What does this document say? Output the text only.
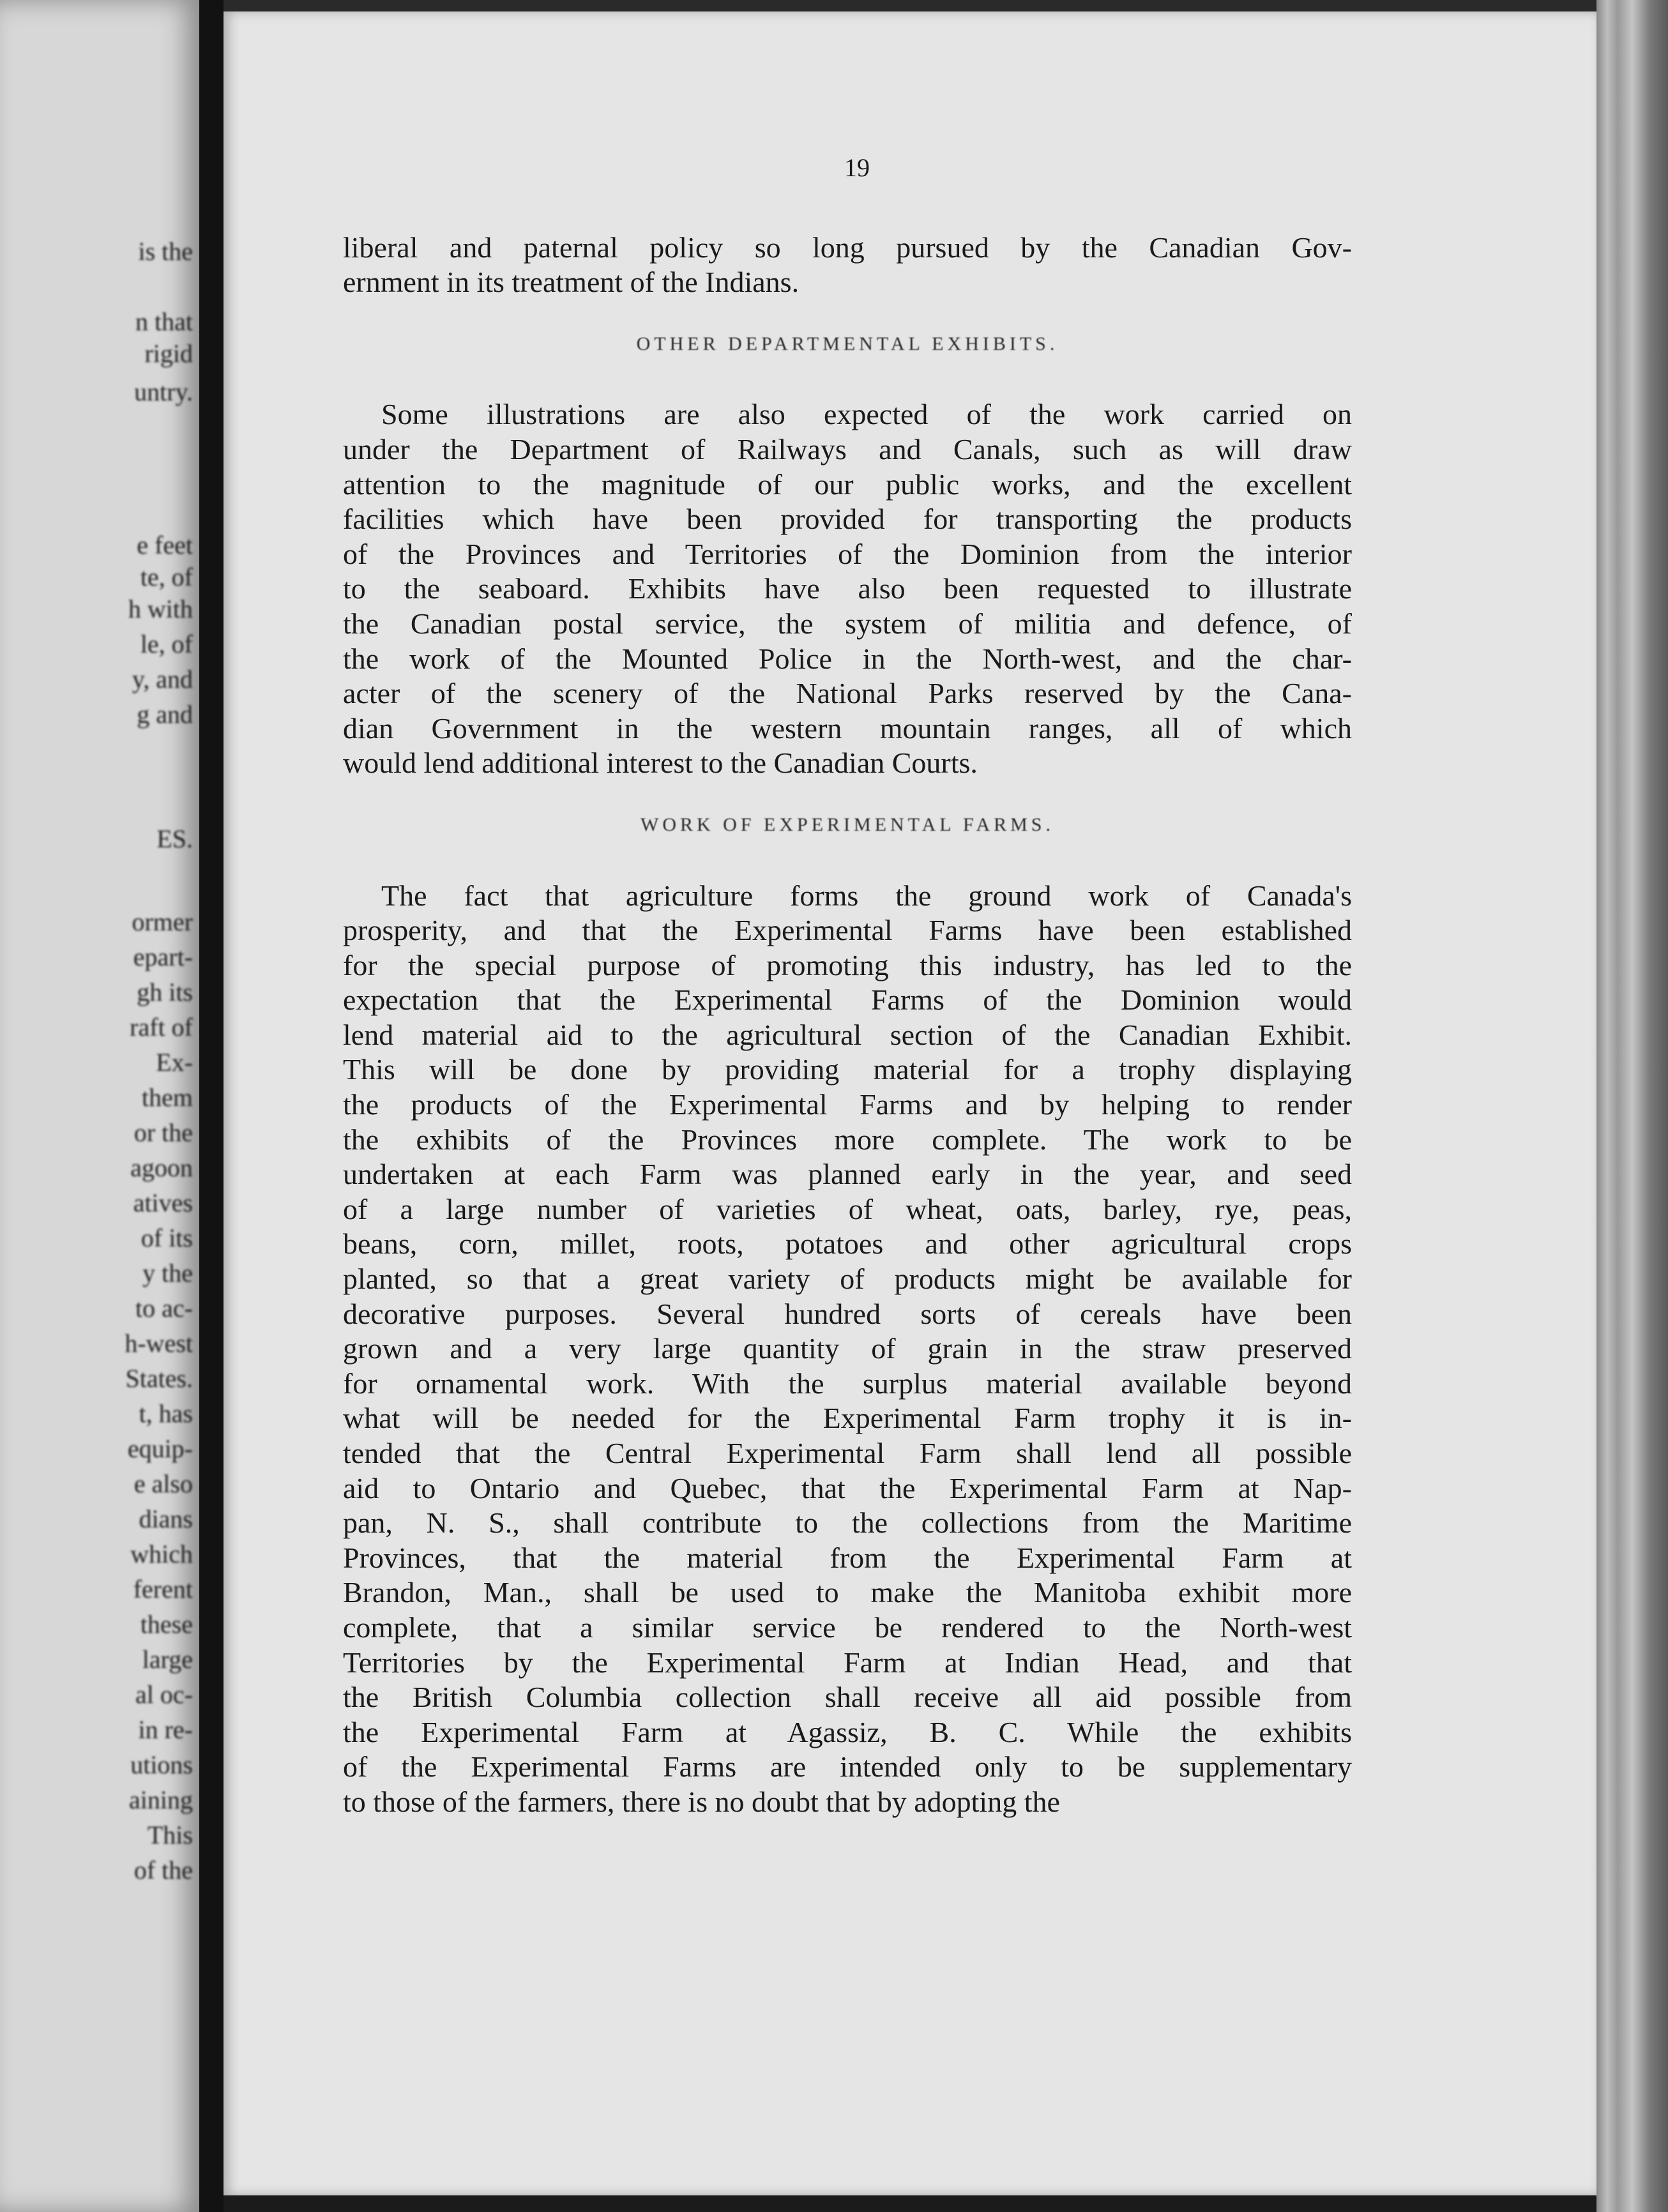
is the
n that
rigid
untry.
e feet
te, of
h with
le, of
y, and
g and
ES.
ormer
epart-
gh its
raft of
Ex-
them
or the
agoon
atives
of its
y the
to ac-
h-west
States.
t, has
equip-
e also
dians
which
ferent
these
large
al oc-
in re-
utions
aining
This
of the
19
liberal and paternal policy so long pursued by the Canadian Gov-
ernment in its treatment of the Indians.
OTHER DEPARTMENTAL EXHIBITS.
Some illustrations are also expected of the work carried on
under the Department of Railways and Canals, such as will draw
attention to the magnitude of our public works, and the excellent
facilities which have been provided for transporting the products
of the Provinces and Territories of the Dominion from the interior
to the seaboard. Exhibits have also been requested to illustrate
the Canadian postal service, the system of militia and defence, of
the work of the Mounted Police in the North-west, and the char-
acter of the scenery of the National Parks reserved by the Cana-
dian Government in the western mountain ranges, all of which
would lend additional interest to the Canadian Courts.
WORK OF EXPERIMENTAL FARMS.
The fact that agriculture forms the ground work of Canada's
prosperity, and that the Experimental Farms have been established
for the special purpose of promoting this industry, has led to the
expectation that the Experimental Farms of the Dominion would
lend material aid to the agricultural section of the Canadian Exhibit.
This will be done by providing material for a trophy displaying
the products of the Experimental Farms and by helping to render
the exhibits of the Provinces more complete. The work to be
undertaken at each Farm was planned early in the year, and seed
of a large number of varieties of wheat, oats, barley, rye, peas,
beans, corn, millet, roots, potatoes and other agricultural crops
planted, so that a great variety of products might be available for
decorative purposes. Several hundred sorts of cereals have been
grown and a very large quantity of grain in the straw preserved
for ornamental work. With the surplus material available beyond
what will be needed for the Experimental Farm trophy it is in-
tended that the Central Experimental Farm shall lend all possible
aid to Ontario and Quebec, that the Experimental Farm at Nap-
pan, N. S., shall contribute to the collections from the Maritime
Provinces, that the material from the Experimental Farm at
Brandon, Man., shall be used to make the Manitoba exhibit more
complete, that a similar service be rendered to the North-west
Territories by the Experimental Farm at Indian Head, and that
the British Columbia collection shall receive all aid possible from
the Experimental Farm at Agassiz, B. C. While the exhibits
of the Experimental Farms are intended only to be supplementary
to those of the farmers, there is no doubt that by adopting the
